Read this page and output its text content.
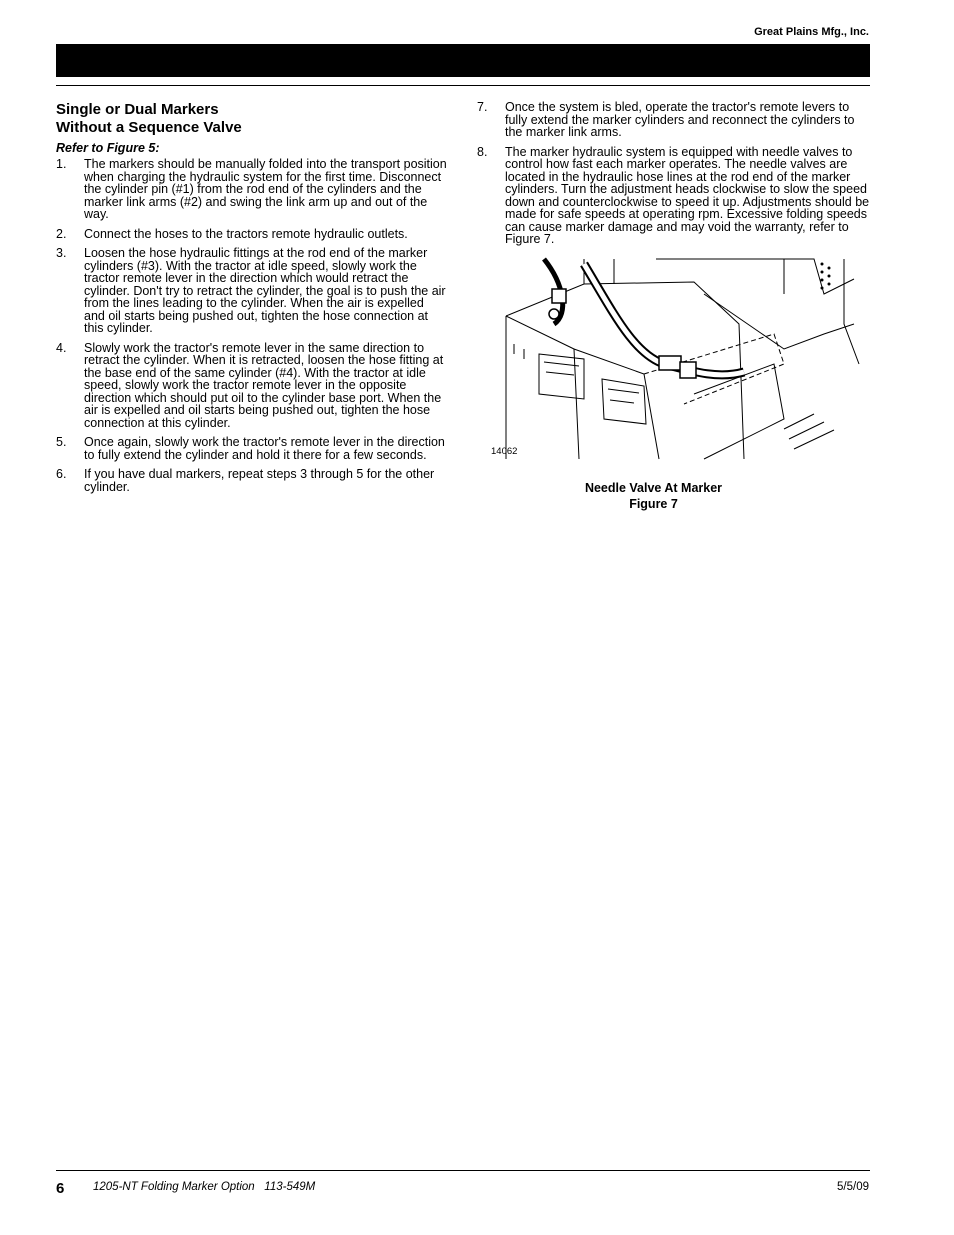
Great Plains Mfg., Inc.
Single or Dual Markers
Without a Sequence Valve

Refer to Figure 5:

1. The markers should be manually folded into the transport position when charging the hydraulic system for the first time. Disconnect the cylinder pin (#1) from the rod end of the cylinders and the marker link arms (#2) and swing the link arm up and out of the way.
2. Connect the hoses to the tractors remote hydraulic outlets.
3. Loosen the hose hydraulic fittings at the rod end of the marker cylinders (#3). With the tractor at idle speed, slowly work the tractor remote lever in the direction which would retract the cylinder. Don't try to retract the cylinder, the goal is to push the air from the lines leading to the cylinder. When the air is expelled and oil starts being pushed out, tighten the hose connection at this cylinder.
4. Slowly work the tractor's remote lever in the same direction to retract the cylinder. When it is retracted, loosen the hose fitting at the base end of the same cylinder (#4). With the tractor at idle speed, slowly work the tractor remote lever in the opposite direction which should put oil to the cylinder base port. When the air is expelled and oil starts being pushed out, tighten the hose connection at this cylinder.
5. Once again, slowly work the tractor's remote lever in the direction to fully extend the cylinder and hold it there for a few seconds.
6. If you have dual markers, repeat steps 3 through 5 for the other cylinder.
7. Once the system is bled, operate the tractor's remote levers to fully extend the marker cylinders and reconnect the cylinders to the marker link arms.
8. The marker hydraulic system is equipped with needle valves to control how fast each marker operates. The needle valves are located in the hydraulic hose lines at the rod end of the marker cylinders. Turn the adjustment heads clockwise to slow the speed down and counterclockwise to speed it up. Adjustments should be made for safe speeds at operating rpm. Excessive folding speeds can cause marker damage and may void the warranty, refer to Figure 7.
14062
Needle Valve At Marker
Figure 7
6 1205-NT Folding Marker Option   113-549M	5/5/09
